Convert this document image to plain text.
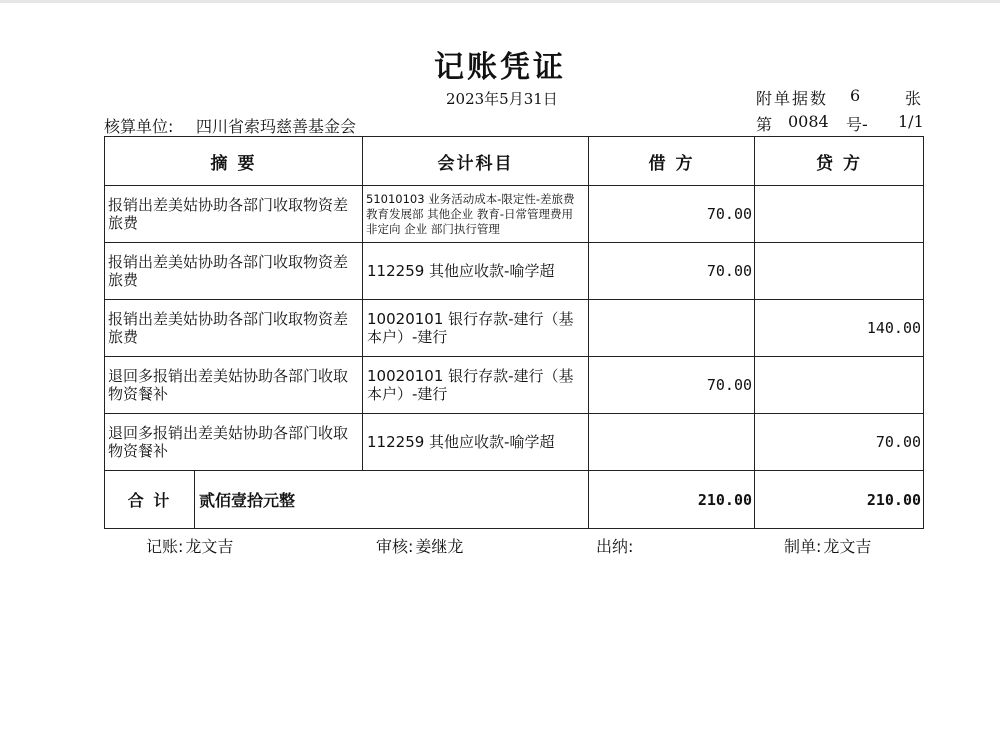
记账凭证
2023年5月31日	附单据数 6	张
核算单位: 四川省索玛慈善基金会	第 0084 号- 1/1
摘 要		会计科目	借 方	贷 方
报销出差美姑协助各部门收取物资差旅费		51010103 业务活动成本-限定性-差旅费 教育发展部 其他企业 教育-日常管理费用 非定向 企业 部门执行管理	70.00	
报销出差美姑协助各部门收取物资差旅费		112259 其他应收款-喻学超	70.00	
报销出差美姑协助各部门收取物资差旅费		10020101 银行存款-建行（基本户）-建行		140.00
退回多报销出差美姑协助各部门收取物资餐补		10020101 银行存款-建行（基本户）-建行	70.00	
退回多报销出差美姑协助各部门收取物资餐补		112259 其他应收款-喻学超		70.00
合 计	贰佰壹拾元整		210.00	210.00
记账: 龙文吉	审核: 姜继龙	出纳:	制单: 龙文吉
